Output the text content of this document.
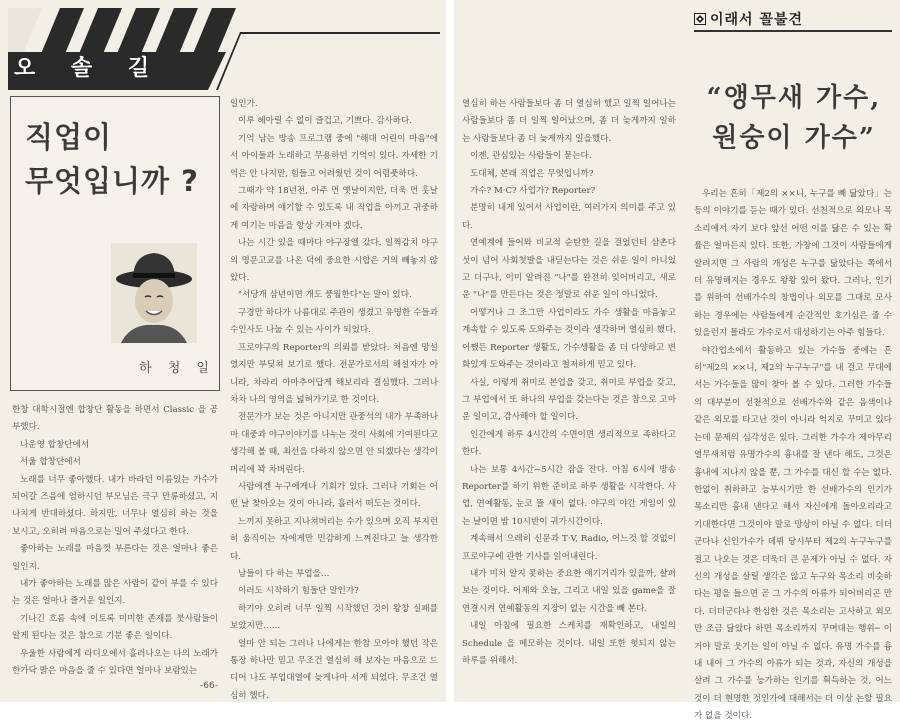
오 솔 길
직업이
무엇입니까 ?
하 청 일

한창 대학시절엔 합창단 활동을 하면서 Classic 을 공부했다.

나운영 합창단에서

서울 합창단에서

노래를 너무 좋아했다. 내가 바라던 이름있는 가수가 되어갈 즈음에 엄하시던 부모님은 극구 만류하셨고, 지나치게 반대하셨다. 하지만, 너무나 열심히 하는 것을 보시고, 오히려 마음으로는 밀어 주셨다고 한다.

좋아하는 노래를 마음껏 부른다는 것은 얼마나 좋은 일인지.

내가 좋아하는 노래를 많은 사람이 같이 부를 수 있다는 것은 얼마나 즐거운 일인지.

기나긴 흐름 속에 이토록 미미한 존재를 붓사람들이 알게 된다는 것은 참으로 기분 좋은 일이다.

우울한 사람에게 라디오에서 흘러나오는 나의 노래가 한가닥 밝은 마음을 줄 수 있다면 얼마나 보람있는

일인가.

이루 헤아릴 수 없이 즐겁고, 기쁘다. 감사하다.

기억 남는 방송 프로그램 중에 "해대 어린이 마음"에서 아이들과 노래하고 무용하던 기억이 있다. 자세한 기억은 안 나지만, 힘들고 어려웠던 것이 어렴풋하다.

그때가 약 18년전, 아주 먼 옛날이지만, 더욱 먼 훗날에 자랑하며 얘기할 수 있도록 내 직업을 아끼고 귀중하게 여기는 마음을 항상 가져야 겠다.

나는 시간 있을 때마다 야구장엘 갔다. 일찍감치 야구의 명문고교를 나온 덕에 중요한 시합은 거의 빼놓지 않았다.

"서당개 삼년이면 개도 풍월한다"는 말이 있다.

구경만 하다가 나름대로 주관이 생겼고 유명한 수들과 수인사도 나눌 수 있는 사이가 되었다.

프로야구의 Reporter의 의뢰를 받았다. 처음엔 망설였지만 부딪쳐 보기로 했다. 전문가로서의 해설자가 아니라, 차라리 아마추어답게 해보리라 결심했다. 그러나 차차 나의 영역을 넓혀가기로 한 것이다.

전문가가 보는 것은 아니지만 관중석의 내가 부족하나마 대중과 야구이야기를 나누는 것이 사회에 기여된다고 생각해 볼 때, 최선을 다하지 않으면 안 되겠다는 생각이 머리에 꽉 차버린다.

사람에겐 누구에게나 기회가 있다. 그러나 기회는 어떤 날 찾아오는 것이 아니라, 흘러서 떠도는 것이다.

느끼지 못하고 지나쳐버리는 수가 있으며 오직 부지런히 움직이는 자에게만 민감하게 느껴진다고 늘 생각한다.

남들이 다 하는 부업을…

이러도 시작하기 힘들단 말인가?

하기야 오히려 너무 일찍 시작했던 것이 왕창 실패를 보았지만……

얼마 안 되는 그러나 나에게는 한참 모아야 했던 작은 통장 하나만 믿고 무조건 열심히 해 보자는 마음으로 드디어 나도 부업대열에 늦게나마 서게 되었다. 무조건 열심히 했다.

-66-

열심히 하는 사람들보다 좀 더 열심히 했고 일찍 일어나는 사람들보다 좀 더 일찍 일어났으며, 좀 더 늦게까지 일하는 사람들보다 좀 더 늦게까지 일을했다.

이젠, 관심있는 사람들이 묻는다.

도대체, 본래 직업은 무엇입니까?

가수? M·C? 사업가? Reporter?

분명히 내게 있어서 사업이란, 여러가지 의미를 주고 있다.

연예계에 들어와 비교적 순탄한 길을 걸었던터 삼촌다섯이 넘어 사회첫발을 내딛는다는 것은 쉬운 일이 아니었고 더구나, 이미 알려진 "나"를 완전히 잊어버리고, 새로운 "나"를 만든다는 것은 정말로 쉬운 일이 아니었다.

어떻거나 그 조그만 사업이라도 가수 생활을 마음놓고 계속할 수 있도록 도와주는 것이라 생각하며 열심히 했다. 어쨌든 Reporter 생활도, 가수생활을 좀 더 다양하고 변화있게 도와주는 것이라고 철저하게 믿고 있다.

사실, 이렇게 취미로 본업을 갖고, 취미로 부업을 갖고, 그 부업에서 또 하나의 부업을 갖는다는 것은 참으로 고마운 일이고, 감사해야 할 일이다.

인간에게 하루 4시간의 수면이면 생리적으로 족하다고 한다.

나는 보통 4시간~5시간 잠을 잔다. 아침 6시에 방송 Reporter를 하기 위한 준비로 하루 생활을 시작한다. 사업, 연예활동, 눈코 뜰 새이 없다. 야구의 야간 게임이 있는 날이면 밤 10시반이 귀가시간이다.

계속해서 으레히 신문과 T·V, Radio, 어느것 할 것없이 프로야구에 관한 기사를 읽어내린다.

내가 미처 알지 못하는 중요한 얘기거리가 있을까, 살펴보는 것이다. 어제와 오늘, 그리고 내일 있을 game을 잘 연결시켜 연예활동의 지장이 없는 시간을 빼 본다.

내일 아침에 필요한 스케치를 재확인하고, 내일의 Schedule 을 메모하는 것이다. 내일 또한 헛되지 않는 하루를 위해서.

이래서 꼴불견
“앵무새 가수,
원숭이 가수”

우리는 흔히「제2의 ××니, 누구를 빼 닮았다」는 등의 이야기를 듣는 때가 있다. 선천적으로 외모나 목소리에서 자기 보다 앞선 어떤 이를 닮은 수 있는 확률은 얼마든지 있다. 또한, 가창에 그것이 사람들에게 알려지면 그 사람의 개성은 누구를 닮았다는 쪽에서 더 유명해지는 경우도 왕왕 있어 왔다. 그러나, 인기를 위하여 선배가수의 창법이나 외모를 그대로 모사하는 경우에는 사람들에게 순간적인 호기심은 줄 수 있을런지 몰라도 가수로서 대성하기는 아주 힘들다.

야간업소에서 활동하고 있는 가수들 중에는 흔히"제2의 ××니, 제2의 누구누구"를 내 걸고 무대에 서는 가수들을 많이 찾아 볼 수 있다. 그러한 가수들의 대부분이 선천적으로 선배가수와 같은 음색이나 같은 외모를 타고난 것이 아니라 억지로 꾸미고 있다는데 문제의 심각성은 있다. 그러한 가수가 제아무리 열무새처럼 유명가수의 흉내를 잘 낸다 해도, 그것은 흉내에 지나지 않을 뿐, 그 가수를 대신 할 수는 없다. 한없이 취하하고 능부시기만 한 선배가수의 인기가 목소리만 흉내 낸다고 해서 자신에게 돌아오리라고 기대한다면 그것이야 말로 망상이 아닐 수 없다. 더더군다나 신인가수가 데뷔 당시부터 제2의 누구누구를 걸고 나오는 것은 더욱더 큰 문제가 아닐 수 없다. 자신의 개성을 살릴 생각은 않고 누구와 목소리 비슷하다는 평을 들으면 곧 그 가수의 아류가 되어버리곤 만다. 더더군다나 한심한 것은 목소리는 고사하고 외모만 조금 닮았다 하면 목소리까지 꾸며대는 행위─ 이거야 말로 웃기는 일이 아닐 수 없다. 유명 가수를 흉내 내어 그 가수의 아류가 되는 것과, 자신의 개성을 살려 그 가수를 능가하는 인기를 획득하는 것, 어느 것이 더 현명한 것인가에 대해서는 더 이상 논할 필요가 없을 것이다.
